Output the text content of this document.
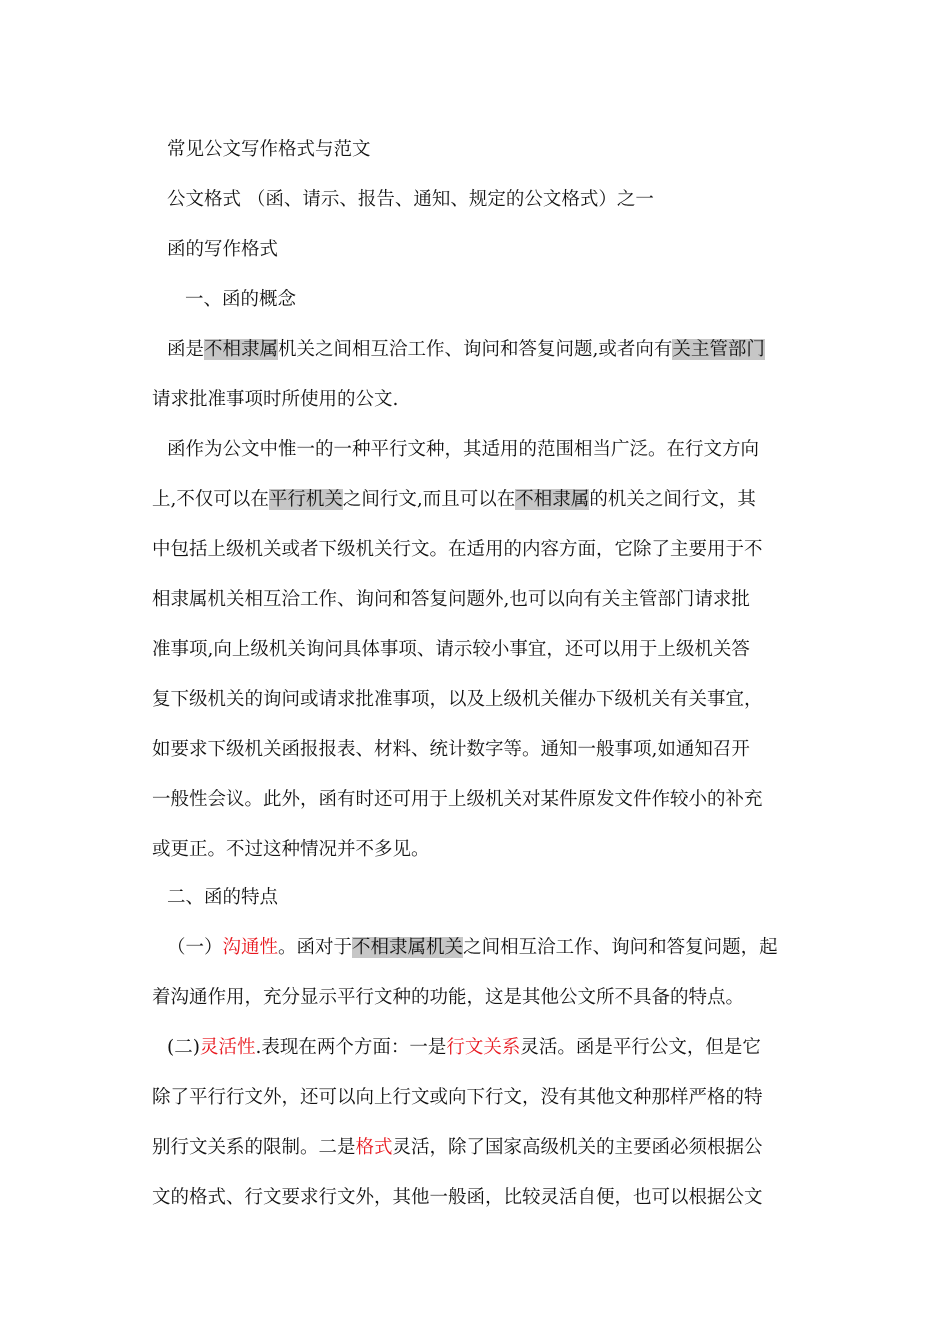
常见公文写作格式与范文
公文格式 （函、请示、报告、通知、规定的公文格式）之一
函的写作格式
一、函的概念
函是不相隶属机关之间相互洽工作、询问和答复问题,或者向有关主管部门
请求批准事项时所使用的公文.
函作为公文中惟一的一种平行文种，其适用的范围相当广泛。在行文方向
上,不仅可以在平行机关之间行文,而且可以在不相隶属的机关之间行文，其
中包括上级机关或者下级机关行文。在适用的内容方面，它除了主要用于不
相隶属机关相互洽工作、询问和答复问题外,也可以向有关主管部门请求批
准事项,向上级机关询问具体事项、请示较小事宜，还可以用于上级机关答
复下级机关的询问或请求批准事项，以及上级机关催办下级机关有关事宜，
如要求下级机关函报报表、材料、统计数字等。通知一般事项,如通知召开
一般性会议。此外，函有时还可用于上级机关对某件原发文件作较小的补充
或更正。不过这种情况并不多见。
二、函的特点
（一）沟通性。函对于不相隶属机关之间相互洽工作、询问和答复问题，起
着沟通作用，充分显示平行文种的功能，这是其他公文所不具备的特点。
(二)灵活性.表现在两个方面：一是行文关系灵活。函是平行公文，但是它
除了平行行文外，还可以向上行文或向下行文，没有其他文种那样严格的特
别行文关系的限制。二是格式灵活，除了国家高级机关的主要函必须根据公
文的格式、行文要求行文外，其他一般函，比较灵活自便，也可以根据公文
